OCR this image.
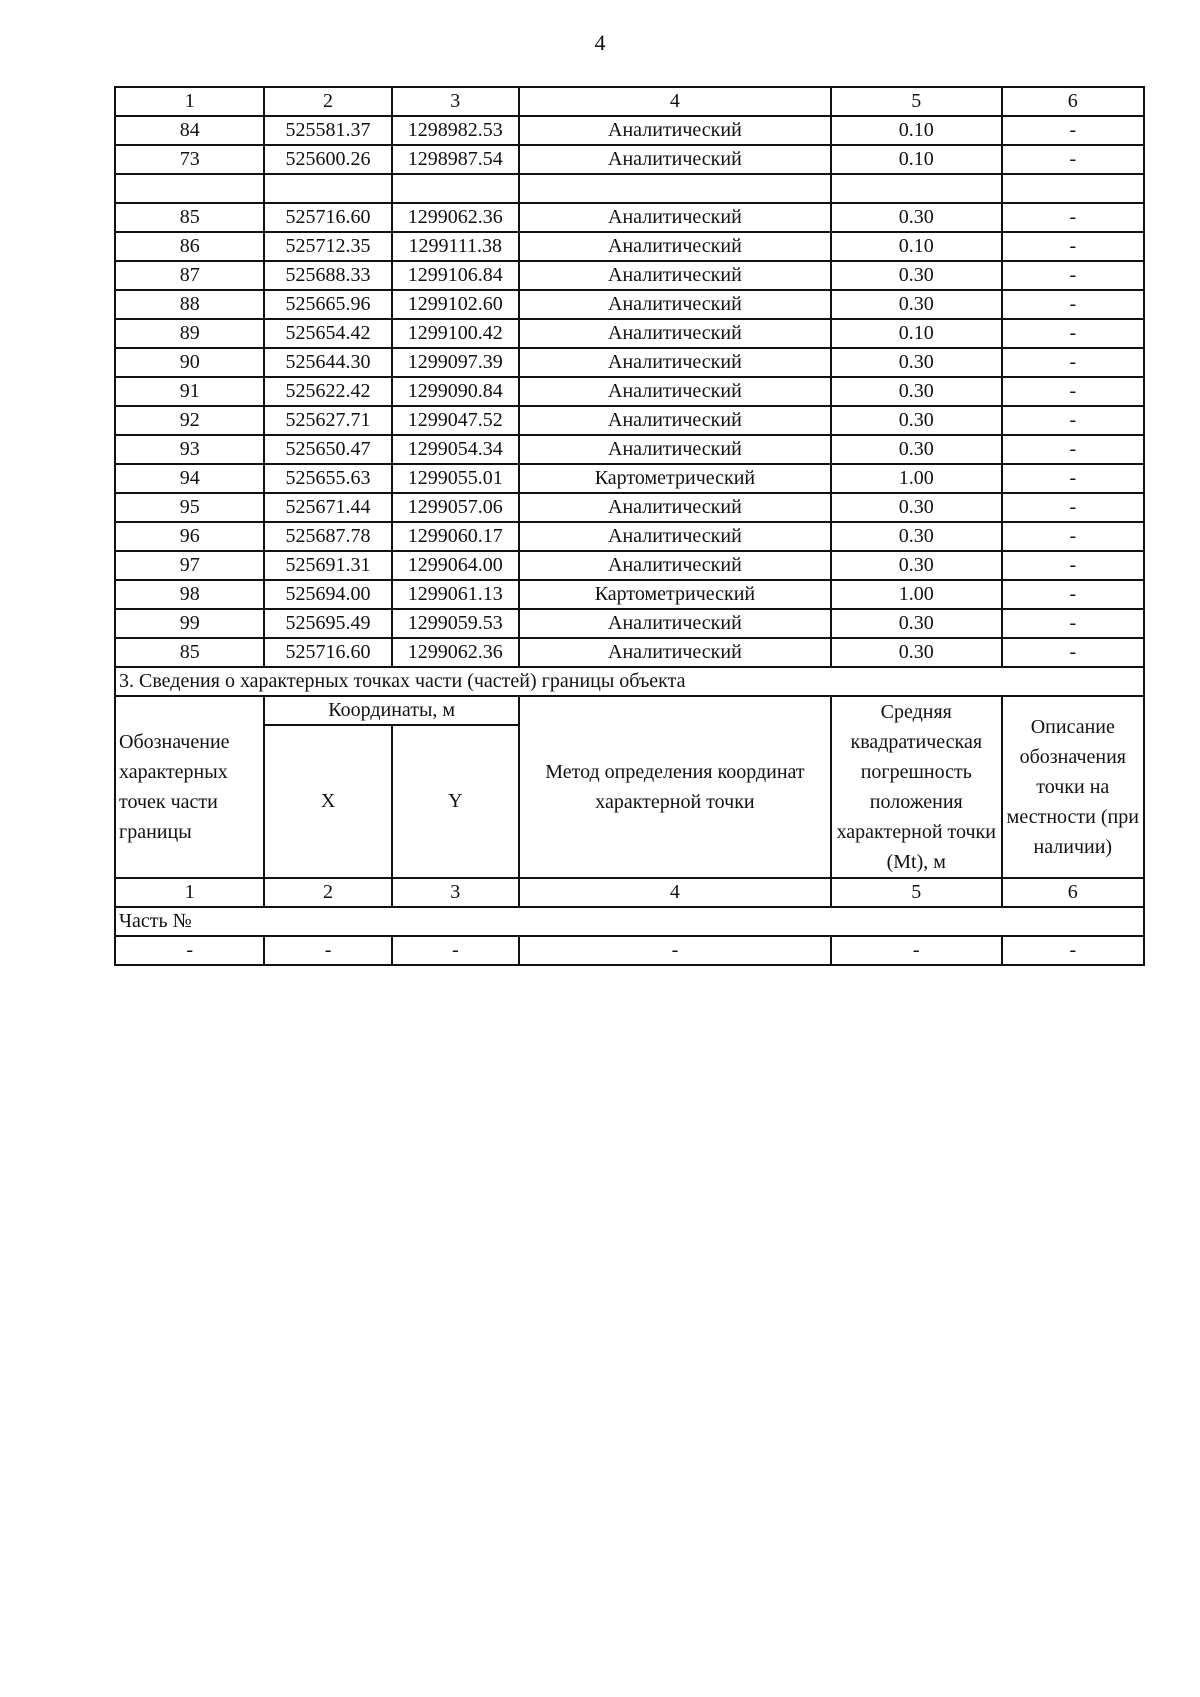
4
1	2	3	4	5	6
84	525581.37	1298982.53	Аналитический	0.10	-
73	525600.26	1298987.54	Аналитический	0.10	-

85	525716.60	1299062.36	Аналитический	0.30	-
86	525712.35	1299111.38	Аналитический	0.10	-
87	525688.33	1299106.84	Аналитический	0.30	-
88	525665.96	1299102.60	Аналитический	0.30	-
89	525654.42	1299100.42	Аналитический	0.10	-
90	525644.30	1299097.39	Аналитический	0.30	-
91	525622.42	1299090.84	Аналитический	0.30	-
92	525627.71	1299047.52	Аналитический	0.30	-
93	525650.47	1299054.34	Аналитический	0.30	-
94	525655.63	1299055.01	Картометрический	1.00	-
95	525671.44	1299057.06	Аналитический	0.30	-
96	525687.78	1299060.17	Аналитический	0.30	-
97	525691.31	1299064.00	Аналитический	0.30	-
98	525694.00	1299061.13	Картометрический	1.00	-
99	525695.49	1299059.53	Аналитический	0.30	-
85	525716.60	1299062.36	Аналитический	0.30	-
3. Сведения о характерных точках части (частей) границы объекта					
Обозначение характерных точек части границы	Координаты, м		Метод определения координат характерной точки	Средняя квадратическая погрешность положения характерной точки (Mt), м	Описание обозначения точки на местности (при наличии)
	X	Y			
1	2	3	4	5	6
Часть №					
-	-	-	-	-	-
